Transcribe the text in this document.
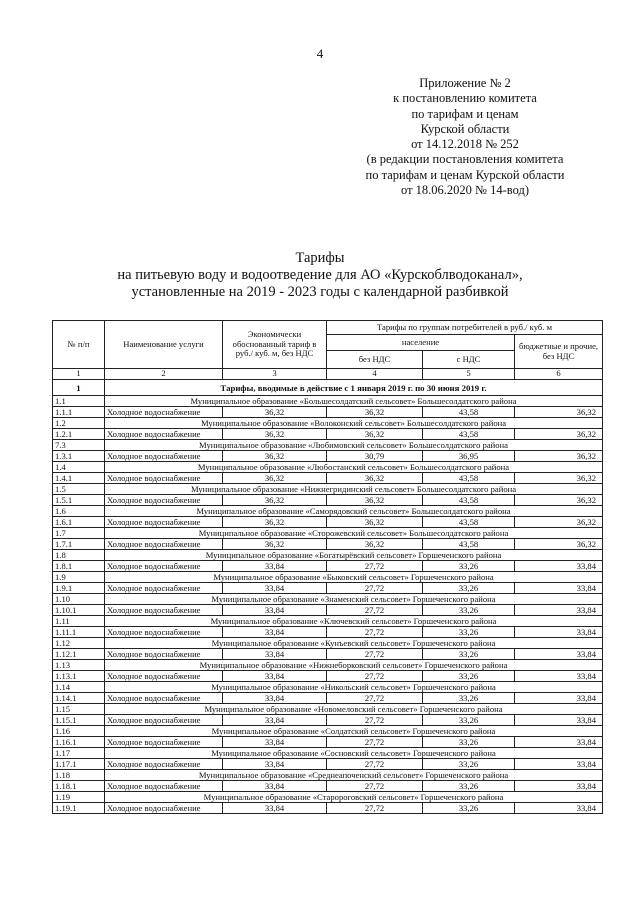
4
Приложение № 2
к постановлению комитета
по тарифам и ценам
Курской области
от 14.12.2018 № 252
(в редакции постановления комитета
по тарифам и ценам Курской области
от 18.06.2020 № 14-вод)
Тарифы
на питьевую воду и водоотведение для АО «Курскоблводоканал»,
установленные на 2019 - 2023 годы с календарной разбивкой
№ п/п	Наименование услуги	Экономически обоснованный тариф в руб./ куб. м, без НДС	Тарифы по группам потребителей в руб./ куб. м		
			население		бюджетные и прочие, без НДС
			без НДС	с НДС	
1	2	3	4	5	6
1	Тарифы, вводимые в действие с 1 января 2019 г. по 30 июня 2019 г.				
1.1	Муниципальное образование «Большесолдатский сельсовет» Большесолдатского района				
1.1.1	Холодное водоснабжение	36,32	36,32	43,58	36,32
1.2	Муниципальное образование «Волоконский сельсовет» Большесолдатского района				
1.2.1	Холодное водоснабжение	36,32	36,32	43,58	36,32
7.3	Муниципальное образование «Любимовский сельсовет» Большесолдатского района				
1.3.1	Холодное водоснабжение	36,32	30,79	36,95	36,32
1.4	Муниципальное образование «Любостанский сельсовет» Большесолдатского района				
1.4.1	Холодное водоснабжение	36,32	36,32	43,58	36,32
1.5	Муниципальное образование «Нижнегридинский сельсовет» Большесолдатского района				
1.5.1	Холодное водоснабжение	36,32	36,32	43,58	36,32
1.6	Муниципальное образование «Саморядовский сельсовет» Большесолдатского района				
1.6.1	Холодное водоснабжение	36,32	36,32	43,58	36,32
1.7	Муниципальное образование «Сторожевский сельсовет» Большесолдатского района				
1.7.1	Холодное водоснабжение	36,32	36,32	43,58	36,32
1.8	Муниципальное образование «Богатырёвский сельсовет» Горшеченского района				
1.8.1	Холодное водоснабжение	33,84	27,72	33,26	33,84
1.9	Муниципальное образование «Быковский сельсовет» Горшеченского района				
1.9.1	Холодное водоснабжение	33,84	27,72	33,26	33,84
1.10	Муниципальное образование «Знаменский сельсовет» Горшеченского района				
1.10.1	Холодное водоснабжение	33,84	27,72	33,26	33,84
1.11	Муниципальное образование «Ключевский сельсовет» Горшеченского района				
1.11.1	Холодное водоснабжение	33,84	27,72	33,26	33,84
1.12	Муниципальное образование «Кунъевский сельсовет» Горшеченского района				
1.12.1	Холодное водоснабжение	33,84	27,72	33,26	33,84
1.13	Муниципальное образование «Нижнеборковский сельсовет» Горшеченского района				
1.13.1	Холодное водоснабжение	33,84	27,72	33,26	33,84
1.14	Муниципальное образование «Никольский сельсовет» Горшеченского района				
1.14.1	Холодное водоснабжение	33,84	27,72	33,26	33,84
1.15	Муниципальное образование «Новомеловский сельсовет» Горшеченского района				
1.15.1	Холодное водоснабжение	33,84	27,72	33,26	33,84
1.16	Муниципальное образование «Солдатский сельсовет» Горшеченского района				
1.16.1	Холодное водоснабжение	33,84	27,72	33,26	33,84
1.17	Муниципальное образование «Сосновский сельсовет» Горшеченского района				
1.17.1	Холодное водоснабжение	33,84	27,72	33,26	33,84
1.18	Муниципальное образование «Среднеапоченский сельсовет» Горшеченского района				
1.18.1	Холодное водоснабжение	33,84	27,72	33,26	33,84
1.19	Муниципальное образование «Старороговский сельсовет» Горшеченского района				
1.19.1	Холодное водоснабжение	33,84	27,72	33,26	33,84
